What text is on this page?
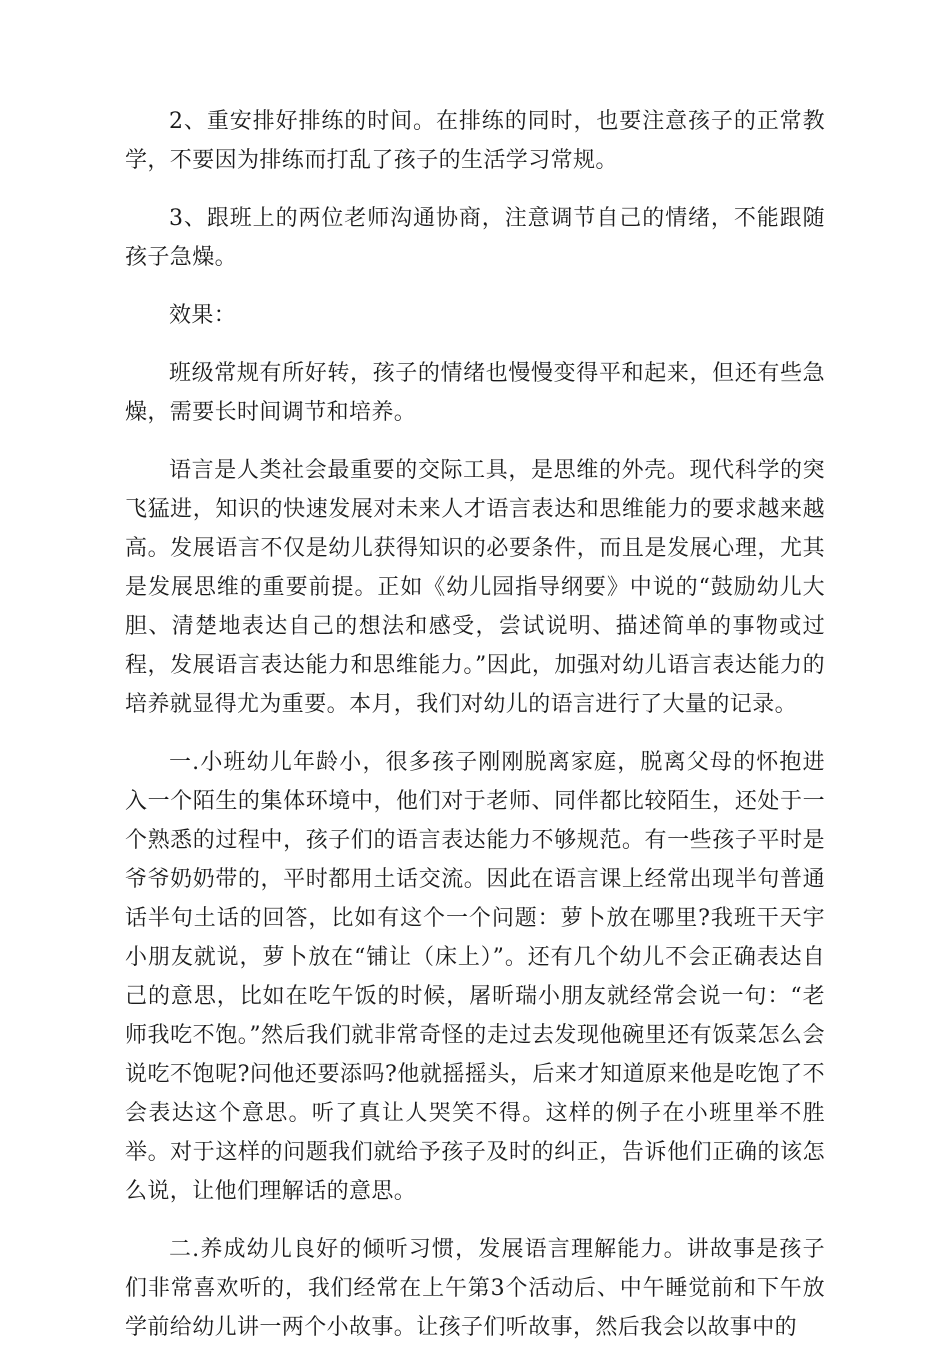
2、重安排好排练的时间。在排练的同时，也要注意孩子的正常教学，不要因为排练而打乱了孩子的生活学习常规。

3、跟班上的两位老师沟通协商，注意调节自己的情绪，不能跟随孩子急燥。

效果：

班级常规有所好转，孩子的情绪也慢慢变得平和起来，但还有些急燥，需要长时间调节和培养。

语言是人类社会最重要的交际工具，是思维的外壳。现代科学的突飞猛进，知识的快速发展对未来人才语言表达和思维能力的要求越来越高。发展语言不仅是幼儿获得知识的必要条件，而且是发展心理，尤其是发展思维的重要前提。正如《幼儿园指导纲要》中说的“鼓励幼儿大胆、清楚地表达自己的想法和感受，尝试说明、描述简单的事物或过程，发展语言表达能力和思维能力。”因此，加强对幼儿语言表达能力的培养就显得尤为重要。本月，我们对幼儿的语言进行了大量的记录。

一.小班幼儿年龄小，很多孩子刚刚脱离家庭，脱离父母的怀抱进入一个陌生的集体环境中，他们对于老师、同伴都比较陌生，还处于一个熟悉的过程中，孩子们的语言表达能力不够规范。有一些孩子平时是爷爷奶奶带的，平时都用土话交流。因此在语言课上经常出现半句普通话半句土话的回答，比如有这个一个问题：萝卜放在哪里?我班干天宇小朋友就说，萝卜放在“铺让（床上）”。还有几个幼儿不会正确表达自己的意思，比如在吃午饭的时候，屠昕瑞小朋友就经常会说一句：“老师我吃不饱。”然后我们就非常奇怪的走过去发现他碗里还有饭菜怎么会说吃不饱呢?问他还要添吗?他就摇摇头，后来才知道原来他是吃饱了不会表达这个意思。听了真让人哭笑不得。这样的例子在小班里举不胜举。对于这样的问题我们就给予孩子及时的纠正，告诉他们正确的该怎么说，让他们理解话的意思。

二.养成幼儿良好的倾听习惯，发展语言理解能力。讲故事是孩子们非常喜欢听的，我们经常在上午第3个活动后、中午睡觉前和下午放学前给幼儿讲一两个小故事。让孩子们听故事，然后我会以故事中的
